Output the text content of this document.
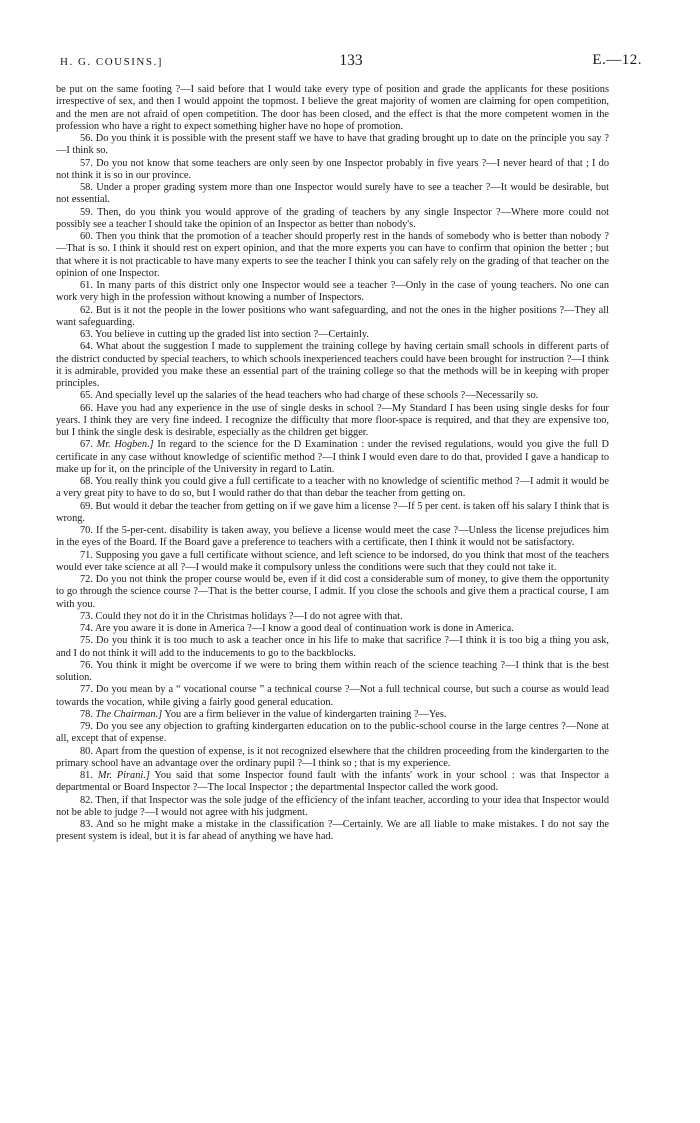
H. G. COUSINS.]	133	E.—12.

be put on the same footing ?—I said before that I would take every type of position and grade the applicants for these positions irrespective of sex, and then I would appoint the topmost. I believe the great majority of women are claiming for open competition, and the men are not afraid of open competition. The door has been closed, and the effect is that the more competent women in the profession who have a right to expect something higher have no hope of promotion.

56. Do you think it is possible with the present staff we have to have that grading brought up to date on the principle you say ?—I think so.

57. Do you not know that some teachers are only seen by one Inspector probably in five years ?—I never heard of that ; I do not think it is so in our province.

58. Under a proper grading system more than one Inspector would surely have to see a teacher ?—It would be desirable, but not essential.

59. Then, do you think you would approve of the grading of teachers by any single Inspector ?—Where more could not possibly see a teacher I should take the opinion of an Inspector as better than nobody's.

60. Then you think that the promotion of a teacher should properly rest in the hands of somebody who is better than nobody ?—That is so. I think it should rest on expert opinion, and that the more experts you can have to confirm that opinion the better ; but that where it is not practicable to have many experts to see the teacher I think you can safely rely on the grading of that teacher on the opinion of one Inspector.

61. In many parts of this district only one Inspector would see a teacher ?—Only in the case of young teachers. No one can work very high in the profession without knowing a number of Inspectors.

62. But is it not the people in the lower positions who want safeguarding, and not the ones in the higher positions ?—They all want safeguarding.

63. You believe in cutting up the graded list into section ?—Certainly.

64. What about the suggestion I made to supplement the training college by having certain small schools in different parts of the district conducted by special teachers, to which schools inexperienced teachers could have been brought for instruction ?—I think it is admirable, provided you make these an essential part of the training college so that the methods will be in keeping with proper principles.

65. And specially level up the salaries of the head teachers who had charge of these schools ?—Necessarily so.

66. Have you had any experience in the use of single desks in school ?—My Standard I has been using single desks for four years. I think they are very fine indeed. I recognize the difficulty that more floor-space is required, and that they are expensive too, but I think the single desk is desirable, especially as the children get bigger.

67. Mr. Hogben.] In regard to the science for the D Examination : under the revised regulations, would you give the full D certificate in any case without knowledge of scientific method ?—I think I would even dare to do that, provided I gave a handicap to make up for it, on the principle of the University in regard to Latin.

68. You really think you could give a full certificate to a teacher with no knowledge of scientific method ?—I admit it would be a very great pity to have to do so, but I would rather do that than debar the teacher from getting on.

69. But would it debar the teacher from getting on if we gave him a license ?—If 5 per cent. is taken off his salary I think that is wrong.

70. If the 5-per-cent. disability is taken away, you believe a license would meet the case ?—Unless the license prejudices him in the eyes of the Board. If the Board gave a preference to teachers with a certificate, then I think it would not be satisfactory.

71. Supposing you gave a full certificate without science, and left science to be indorsed, do you think that most of the teachers would ever take science at all ?—I would make it compulsory unless the conditions were such that they could not take it.

72. Do you not think the proper course would be, even if it did cost a considerable sum of money, to give them the opportunity to go through the science course ?—That is the better course, I admit. If you close the schools and give them a practical course, I am with you.

73. Could they not do it in the Christmas holidays ?—I do not agree with that.

74. Are you aware it is done in America ?—I know a good deal of continuation work is done in America.

75. Do you think it is too much to ask a teacher once in his life to make that sacrifice ?—I think it is too big a thing you ask, and I do not think it will add to the inducements to go to the backblocks.

76. You think it might be overcome if we were to bring them within reach of the science teaching ?—I think that is the best solution.

77. Do you mean by a “ vocational course ” a technical course ?—Not a full technical course, but such a course as would lead towards the vocation, while giving a fairly good general education.

78. The Chairman.] You are a firm believer in the value of kindergarten training ?—Yes.

79. Do you see any objection to grafting kindergarten education on to the public-school course in the large centres ?—None at all, except that of expense.

80. Apart from the question of expense, is it not recognized elsewhere that the children proceeding from the kindergarten to the primary school have an advantage over the ordinary pupil ?—I think so ; that is my experience.

81. Mr. Pirani.] You said that some Inspector found fault with the infants' work in your school : was that Inspector a departmental or Board Inspector ?—The local Inspector ; the departmental Inspector called the work good.

82. Then, if that Inspector was the sole judge of the efficiency of the infant teacher, according to your idea that Inspector would not be able to judge ?—I would not agree with his judgment.

83. And so he might make a mistake in the classification ?—Certainly. We are all liable to make mistakes. I do not say the present system is ideal, but it is far ahead of anything we have had.
